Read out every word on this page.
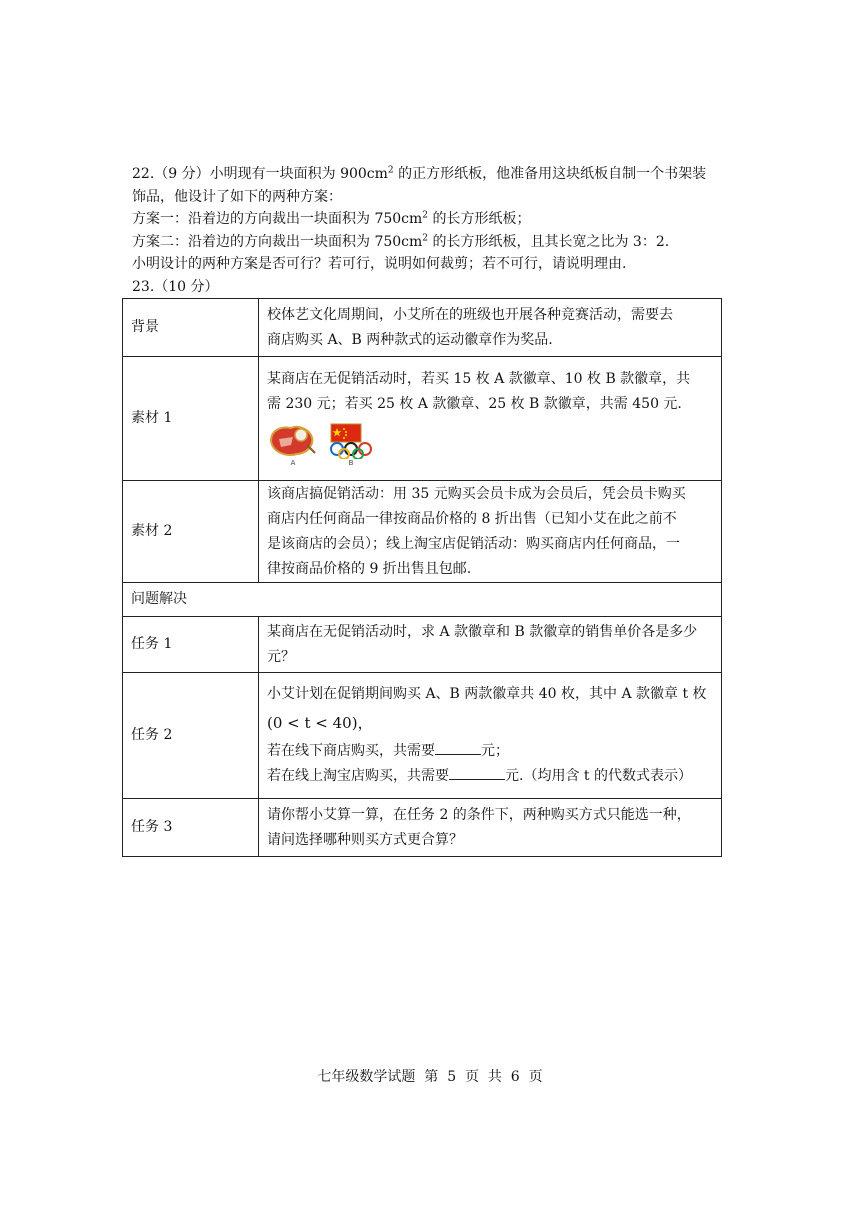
22.（9 分）小明现有一块面积为 $900cm^2$ 的正方形纸板，他准备用这块纸板自制一个书架装

饰品，他设计了如下的两种方案：

方案一：沿着边的方向裁出一块面积为 $750cm^2$ 的长方形纸板；

方案二：沿着边的方向裁出一块面积为 $750cm^2$ 的长方形纸板，且其长宽之比为 3：2.

小明设计的两种方案是否可行？若可行，说明如何裁剪；若不可行，请说明理由.

23.（10 分）

背景	校体艺文化周期间，小艾所在的班级也开展各种竞赛活动，需要去

商店购买 A、B 两种款式的运动徽章作为奖品.

素材 1	某商店在无促销活动时，若买 15 枚 A 款徽章、10 枚 B 款徽章，共

需 230 元；若买 25 枚 A 款徽章、25 枚 B 款徽章，共需 450 元.

A B

素材 2	该商店搞促销活动：用 35 元购买会员卡成为会员后，凭会员卡购买

商店内任何商品一律按商品价格的 8 折出售（已知小艾在此之前不

是该商店的会员）；线上淘宝店促销活动：购买商店内任何商品，一

律按商品价格的 9 折出售且包邮.

问题解决	
任务 1	某商店在无促销活动时，求 A 款徽章和 B 款徽章的销售单价各是多少

元？

任务 2	小艾计划在促销期间购买 A、B 两款徽章共 40 枚，其中 A 款徽章 t 枚

(0 < t < 40)，

若在线下商店购买，共需要 元；

若在线上淘宝店购买，共需要 元.（均用含 t 的代数式表示）

任务 3	请你帮小艾算一算，在任务 2 的条件下，两种购买方式只能选一种，

请问选择哪种则买方式更合算？

七年级数学试题  第  5  页  共  6  页
